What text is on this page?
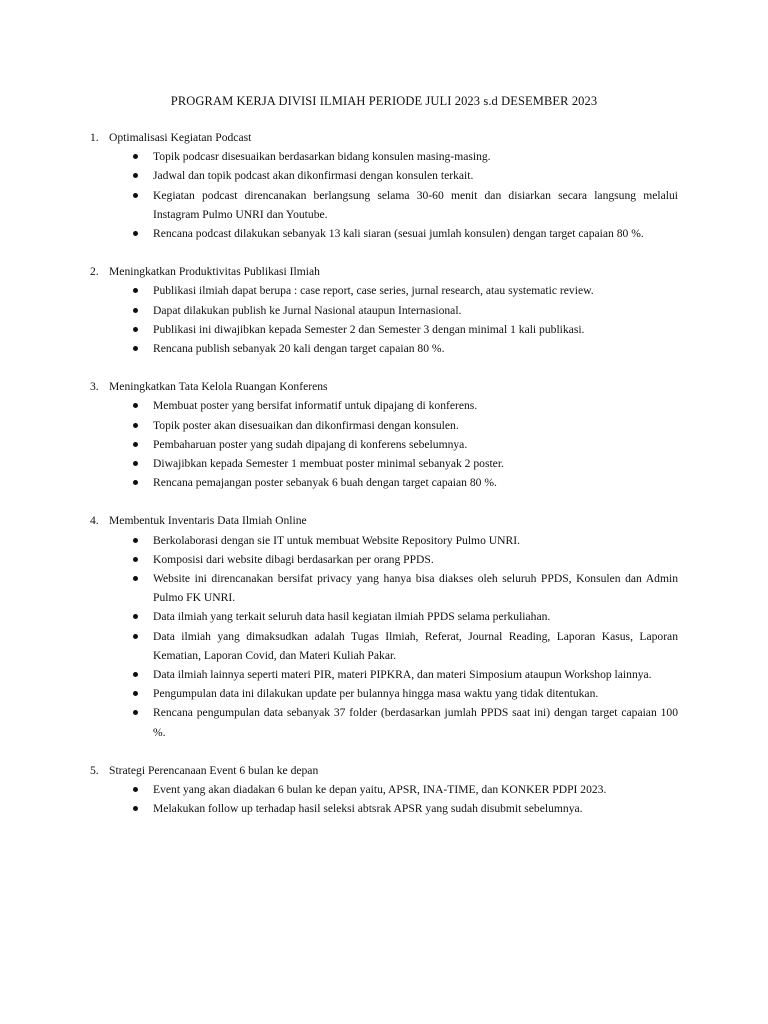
PROGRAM KERJA DIVISI ILMIAH PERIODE JULI 2023 s.d DESEMBER 2023
1. Optimalisasi Kegiatan Podcast
Topik podcasr disesuaikan berdasarkan bidang konsulen masing-masing.
Jadwal dan topik podcast akan dikonfirmasi dengan konsulen terkait.
Kegiatan podcast direncanakan berlangsung selama 30-60 menit dan disiarkan secara langsung melalui Instagram Pulmo UNRI dan Youtube.
Rencana podcast dilakukan sebanyak 13 kali siaran (sesuai jumlah konsulen) dengan target capaian 80 %.
2. Meningkatkan Produktivitas Publikasi Ilmiah
Publikasi ilmiah dapat berupa : case report, case series, jurnal research, atau systematic review.
Dapat dilakukan publish ke Jurnal Nasional ataupun Internasional.
Publikasi ini diwajibkan kepada Semester 2 dan Semester 3 dengan minimal 1 kali publikasi.
Rencana publish sebanyak 20 kali dengan target capaian 80 %.
3. Meningkatkan Tata Kelola Ruangan Konferens
Membuat poster yang bersifat informatif untuk dipajang di konferens.
Topik poster akan disesuaikan dan dikonfirmasi dengan konsulen.
Pembaharuan poster yang sudah dipajang di konferens sebelumnya.
Diwajibkan kepada Semester 1 membuat poster minimal sebanyak 2 poster.
Rencana pemajangan poster sebanyak 6 buah dengan target capaian 80 %.
4. Membentuk Inventaris Data Ilmiah Online
Berkolaborasi dengan sie IT untuk membuat Website Repository Pulmo UNRI.
Komposisi dari website dibagi berdasarkan per orang PPDS.
Website ini direncanakan bersifat privacy yang hanya bisa diakses oleh seluruh PPDS, Konsulen dan Admin Pulmo FK UNRI.
Data ilmiah yang terkait seluruh data hasil kegiatan ilmiah PPDS selama perkuliahan.
Data ilmiah yang dimaksudkan adalah Tugas Ilmiah, Referat, Journal Reading, Laporan Kasus, Laporan Kematian, Laporan Covid, dan Materi Kuliah Pakar.
Data ilmiah lainnya seperti materi PIR, materi PIPKRA, dan materi Simposium ataupun Workshop lainnya.
Pengumpulan data ini dilakukan update per bulannya hingga masa waktu yang tidak ditentukan.
Rencana pengumpulan data sebanyak 37 folder (berdasarkan jumlah PPDS saat ini) dengan target capaian 100 %.
5. Strategi Perencanaan Event 6 bulan ke depan
Event yang akan diadakan 6 bulan ke depan yaitu, APSR, INA-TIME, dan KONKER PDPI 2023.
Melakukan follow up terhadap hasil seleksi abtsrak APSR yang sudah disubmit sebelumnya.
